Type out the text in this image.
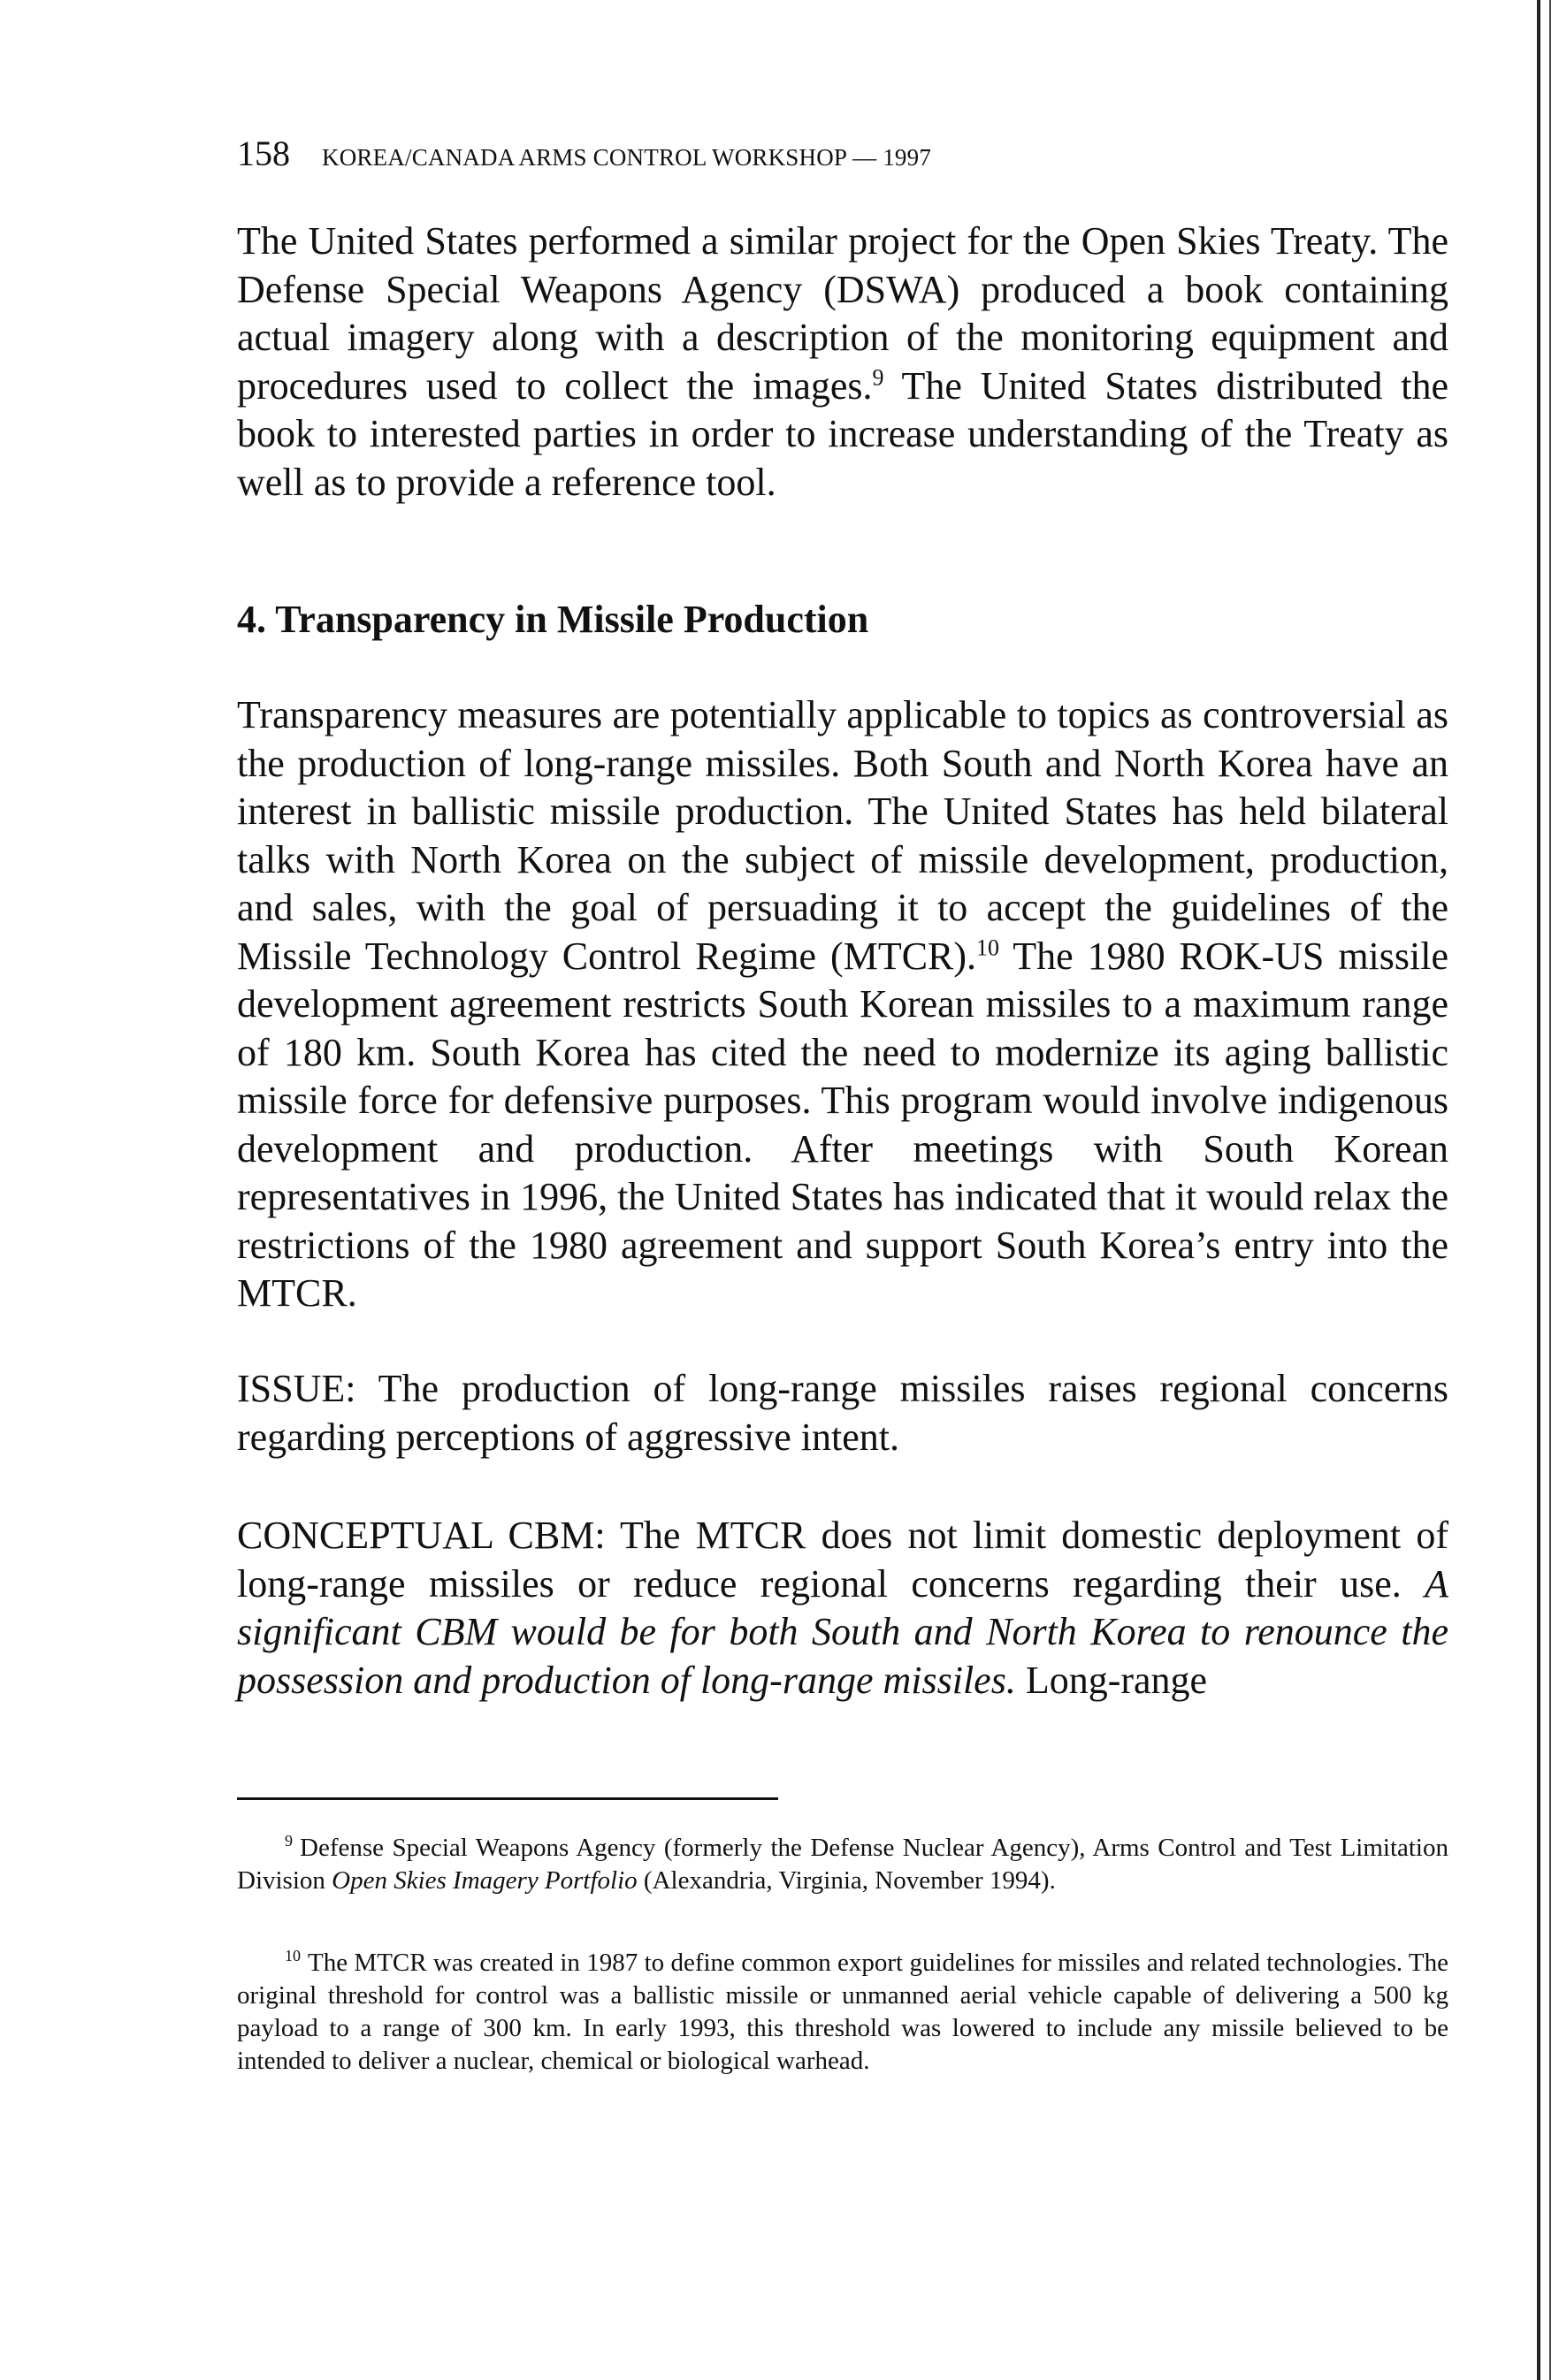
158 KOREA/CANADA ARMS CONTROL WORKSHOP — 1997

The United States performed a similar project for the Open Skies Treaty. The Defense Special Weapons Agency (DSWA) produced a book containing actual imagery along with a description of the monitoring equipment and procedures used to collect the images.$^9$ The United States distributed the book to interested parties in order to increase understanding of the Treaty as well as to provide a reference tool.

4. Transparency in Missile Production

Transparency measures are potentially applicable to topics as controversial as the production of long-range missiles. Both South and North Korea have an interest in ballistic missile production. The United States has held bilateral talks with North Korea on the subject of missile development, production, and sales, with the goal of persuading it to accept the guidelines of the Missile Technology Control Regime (MTCR).$^{10}$ The 1980 ROK-US missile development agreement restricts South Korean missiles to a maximum range of 180 km. South Korea has cited the need to modernize its aging ballistic missile force for defensive purposes. This program would involve indigenous development and production. After meetings with South Korean representatives in 1996, the United States has indicated that it would relax the restrictions of the 1980 agreement and support South Korea’s entry into the MTCR.

ISSUE: The production of long-range missiles raises regional concerns regarding perceptions of aggressive intent.

CONCEPTUAL CBM: The MTCR does not limit domestic deployment of long-range missiles or reduce regional concerns regarding their use. A significant CBM would be for both South and North Korea to renounce the possession and production of long-range missiles. Long-range

$^9$ Defense Special Weapons Agency (formerly the Defense Nuclear Agency), Arms Control and Test Limitation Division Open Skies Imagery Portfolio (Alexandria, Virginia, November 1994).

$^{10}$ The MTCR was created in 1987 to define common export guidelines for missiles and related technologies. The original threshold for control was a ballistic missile or unmanned aerial vehicle capable of delivering a 500 kg payload to a range of 300 km. In early 1993, this threshold was lowered to include any missile believed to be intended to deliver a nuclear, chemical or biological warhead.
